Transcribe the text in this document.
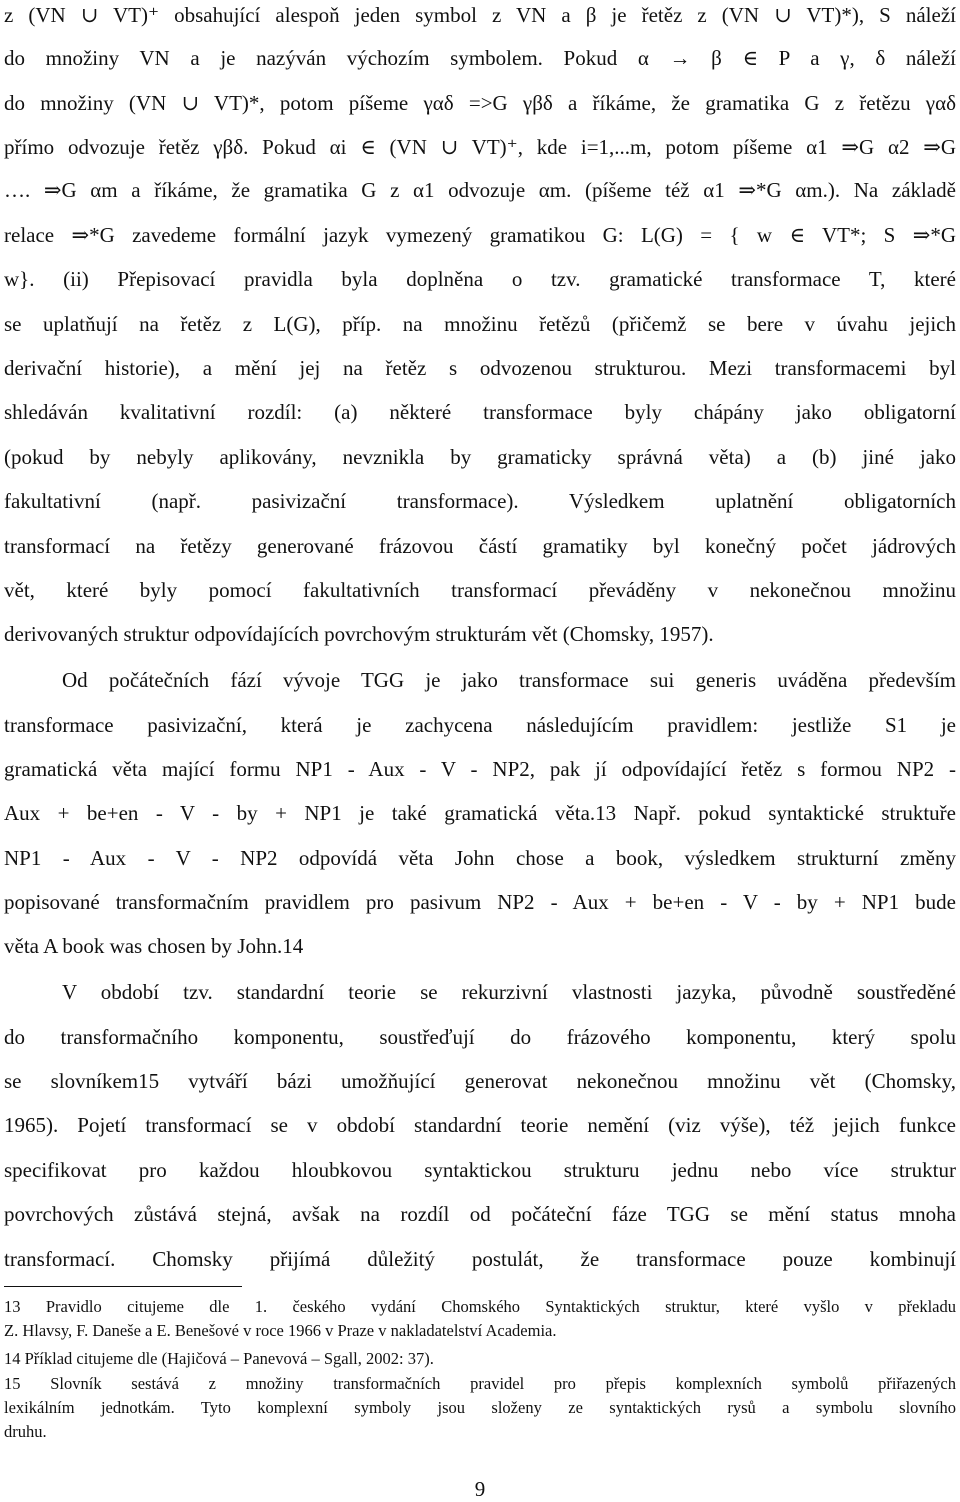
z (VN ∪ VT)⁺ obsahující alespoň jeden symbol z VN a β je řetěz z (VN ∪ VT)*), S náleží
do množiny VN a je nazýván výchozím symbolem. Pokud α → β ∈ P a γ, δ náleží
do množiny (VN ∪ VT)*, potom píšeme γαδ =>G γβδ a říkáme, že gramatika G z řetězu γαδ
přímo odvozuje řetěz γβδ. Pokud αi ∈ (VN ∪ VT)⁺, kde i=1,...m, potom píšeme α1 ⇒G α2 ⇒G
…. ⇒G αm a říkáme, že gramatika G z α1 odvozuje αm. (píšeme též α1 ⇒*G αm.). Na základě
relace ⇒*G zavedeme formální jazyk vymezený gramatikou G: L(G) = { w ∈ VT*; S ⇒*G
w}. (ii) Přepisovací pravidla byla doplněna o tzv. gramatické transformace T, které
se uplatňují na řetěz z L(G), příp. na množinu řetězů (přičemž se bere v úvahu jejich
derivační historie), a mění jej na řetěz s odvozenou strukturou. Mezi transformacemi byl
shledáván kvalitativní rozdíl: (a) některé transformace byly chápány jako obligatorní
(pokud by nebyly aplikovány, nevznikla by gramaticky správná věta) a (b) jiné jako
fakultativní (např. pasivizační transformace). Výsledkem uplatnění obligatorních
transformací na řetězy generované frázovou částí gramatiky byl konečný počet jádrových
vět, které byly pomocí fakultativních transformací převáděny v nekonečnou množinu
derivovaných struktur odpovídajících povrchovým strukturám vět (Chomsky, 1957).
Od počátečních fází vývoje TGG je jako transformace sui generis uváděna především
transformace pasivizační, která je zachycena následujícím pravidlem: jestliže S1 je
gramatická věta mající formu NP1 - Aux - V - NP2, pak jí odpovídající řetěz s formou NP2 -
Aux + be+en - V - by + NP1 je také gramatická věta.13 Např. pokud syntaktické struktuře
NP1 - Aux - V - NP2 odpovídá věta John chose a book, výsledkem strukturní změny
popisované transformačním pravidlem pro pasivum NP2 - Aux + be+en - V - by + NP1 bude
věta A book was chosen by John.14
V období tzv. standardní teorie se rekurzivní vlastnosti jazyka, původně soustředěné
do transformačního komponentu, soustřeďují do frázového komponentu, který spolu
se slovníkem15 vytváří bázi umožňující generovat nekonečnou množinu vět (Chomsky,
1965). Pojetí transformací se v období standardní teorie nemění (viz výše), též jejich funkce
specifikovat pro každou hloubkovou syntaktickou strukturu jednu nebo více struktur
povrchových zůstává stejná, avšak na rozdíl od počáteční fáze TGG se mění status mnoha
transformací. Chomsky přijímá důležitý postulát, že transformace pouze kombinují
13 Pravidlo citujeme dle 1. českého vydání Chomského Syntaktických struktur, které vyšlo v překladu
Z. Hlavsy, F. Daneše a E. Benešové v roce 1966 v Praze v nakladatelství Academia.
14 Příklad citujeme dle (Hajičová – Panevová – Sgall, 2002: 37).
15 Slovník sestává z množiny transformačních pravidel pro přepis komplexních symbolů přiřazených
lexikálním jednotkám. Tyto komplexní symboly jsou složeny ze syntaktických rysů a symbolu slovního
druhu.
9
